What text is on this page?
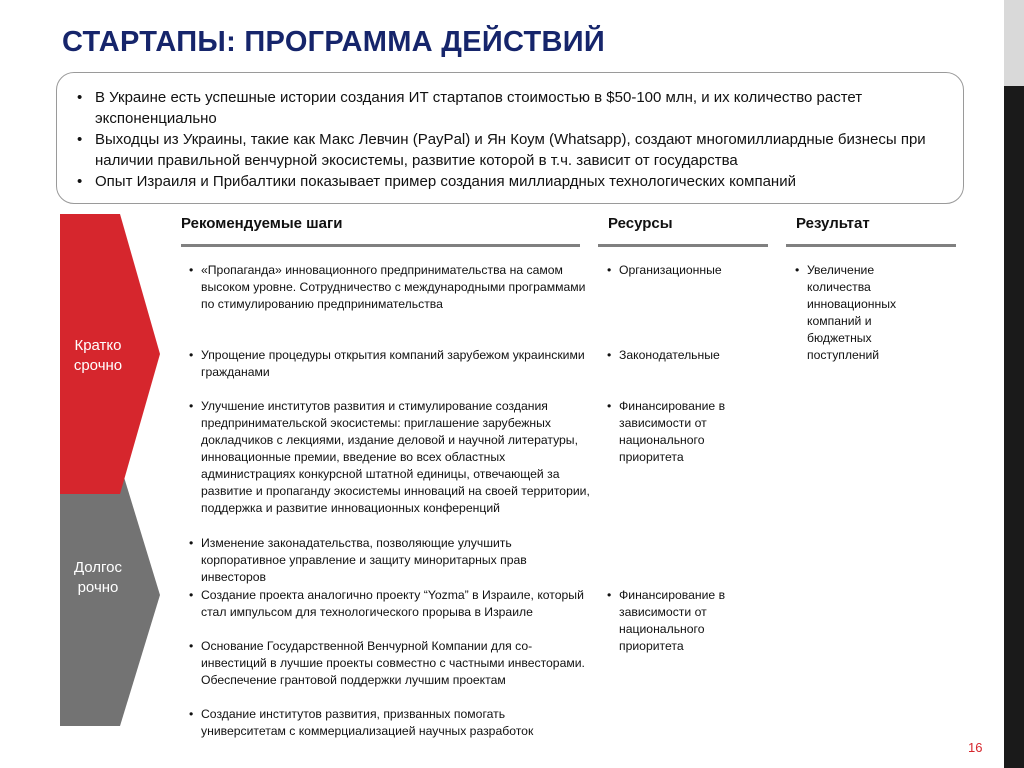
СТАРТАПЫ: ПРОГРАММА ДЕЙСТВИЙ
• В Украине есть успешные истории создания ИТ стартапов стоимостью в $50-100 млн, и их количество растет экспоненциально
• Выходцы из Украины, такие как Макс Левчин (PayPal) и Ян Коум (Whatsapp), создают многомиллиардные бизнесы при наличии правильной венчурной экосистемы, развитие которой в т.ч. зависит от государства
• Опыт Израиля и Прибалтики показывает пример создания миллиардных технологических компаний
Кратко срочно
Долгос рочно
Рекомендуемые шаги	Ресурсы	Результат

• «Пропаганда» инновационного предпринимательства на самом высоком уровне. Сотрудничество с международными программами по стимулированию предпринимательства

• Упрощение процедуры открытия компаний зарубежом украинскими гражданами

• Улучшение институтов развития и стимулирование создания предпринимательской экосистемы: приглашение зарубежных докладчиков с лекциями, издание деловой и научной литературы, инновационные премии, введение во всех областных администрациях конкурсной штатной единицы, отвечающей за развитие и пропаганду экосистемы инноваций на своей территории, поддержка и развитие инновационных конференций

• Изменение законадательства, позволяющие улучшить корпоративное управление и защиту миноритарных прав инвесторов

• Создание проекта аналогично проекту “Yozma” в Израиле, который стал импульсом для технологического прорыва в Израиле

• Основание Государственной Венчурной Компании для со-инвестиций в лучшие проекты совместно с частными инвесторами. Обеспечение грантовой поддержки лучшим проектам

• Создание институтов развития, призванных помогать университетам с коммерциализацией научных разработок

• Организационные

• Законодательные

• Финансирование в зависимости от национального приоритета

• Финансирование в зависимости от национального приоритета

• Увеличение количества инновационных компаний и бюджетных поступлений

16
